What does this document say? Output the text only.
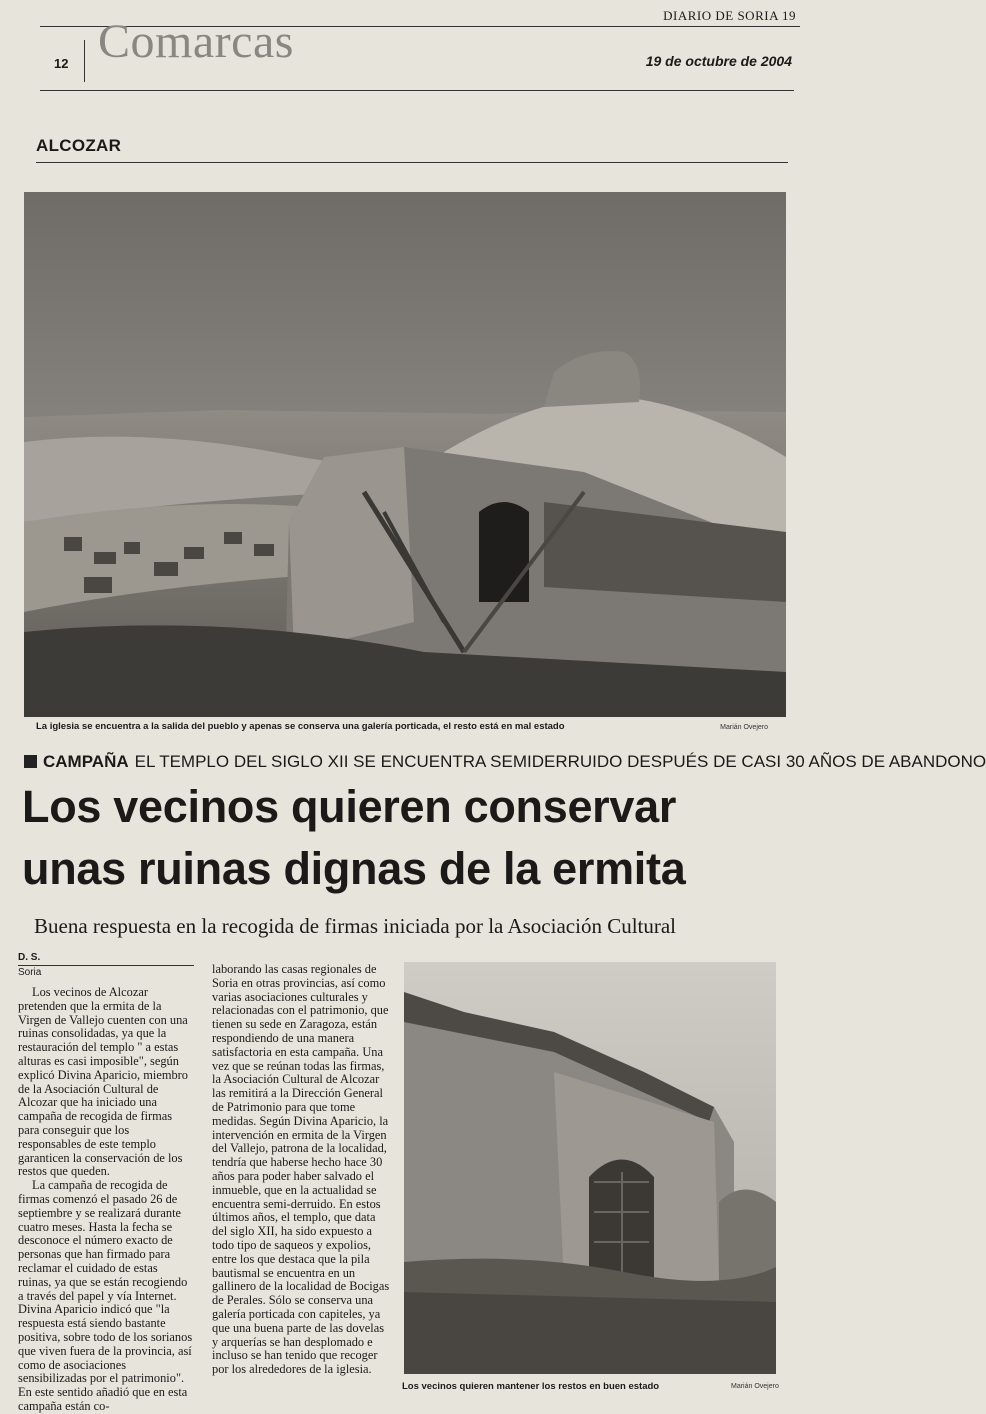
DIARIO DE SORIA 19
12 Comarcas	19 de octubre de 2004
ALCOZAR
La iglesia se encuentra a la salida del pueblo y apenas se conserva una galería porticada, el resto está en mal estado	Marián Ovejero
CAMPAÑA EL TEMPLO DEL SIGLO XII SE ENCUENTRA SEMIDERRUIDO DESPUÉS DE CASI 30 AÑOS DE ABANDONO
Los vecinos quieren conservar
unas ruinas dignas de la ermita
Buena respuesta en la recogida de firmas iniciada por la Asociación Cultural
D. S.
Soria

Los vecinos de Alcozar pretenden que la ermita de la Virgen de Vallejo cuenten con una ruinas consolidadas, ya que la restauración del templo " a estas alturas es casi imposible", según explicó Divina Aparicio, miembro de la Asociación Cultural de Alcozar que ha iniciado una campaña de recogida de firmas para conseguir que los responsables de este templo garanticen la conservación de los restos que queden.

La campaña de recogida de firmas comenzó el pasado 26 de septiembre y se realizará durante cuatro meses. Hasta la fecha se desconoce el número exacto de personas que han firmado para reclamar el cuidado de estas ruinas, ya que se están recogiendo a través del papel y vía Internet. Divina Aparicio indicó que "la respuesta está siendo bastante positiva, sobre todo de los sorianos que viven fuera de la provincia, así como de asociaciones sensibilizadas por el patrimonio". En este sentido añadió que en esta campaña están co-

laborando las casas regionales de Soria en otras provincias, así como varias asociaciones culturales y relacionadas con el patrimonio, que tienen su sede en Zaragoza, están respondiendo de una manera satisfactoria en esta campaña. Una vez que se reúnan todas las firmas, la Asociación Cultural de Alcozar las remitirá a la Dirección General de Patrimonio para que tome medidas. Según Divina Aparicio, la intervención en ermita de la Virgen del Vallejo, patrona de la localidad, tendría que haberse hecho hace 30 años para poder haber salvado el inmueble, que en la actualidad se encuentra semi-derruido. En estos últimos años, el templo, que data del siglo XII, ha sido expuesto a todo tipo de saqueos y expolios, entre los que destaca que la pila bautismal se encuentra en un gallinero de la localidad de Bocigas de Perales. Sólo se conserva una galería porticada con capiteles, ya que una buena parte de las dovelas y arquerías se han desplomado e incluso se han tenido que recoger por los alrededores de la iglesia.

Los vecinos quieren mantener los restos en buen estado	Marián Ovejero
